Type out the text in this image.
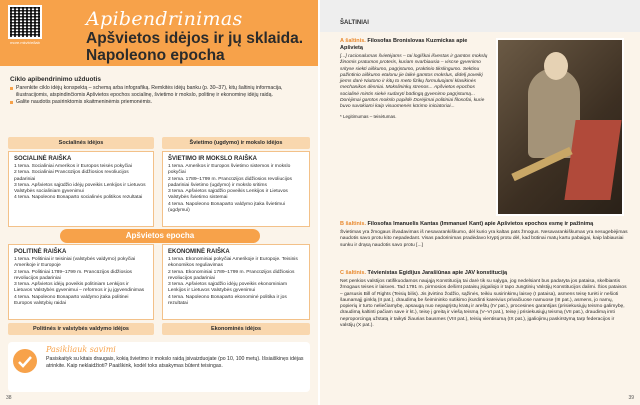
more.mkvb/e8ab
Apibendrinimas
Apšvietos idėjos ir jų sklaida. Napoleono epocha
Ciklo apibendrinimo užduotis
Parenkite ciklo idėjų konspektą – schemą arba infografiką. Remkitės idėjų banku (p. 30–37), kitų šaltinių informacija, iliustracijomis, atspindinčiomis Apšvietos epochos socialinę, švietimo ir mokslo, politinę ir ekonominę idėjų raidą.
Galite naudotis pasirinktomis skaitmeninėmis priemonėmis.
Socialinės idėjos	Švietimo (ugdymo) ir mokslo idėjos
SOCIALINĖ RAIŠKA

1 tema. Socialiniai Amerikos ir Europos teisės pokyčiai

2 tema. Socialiniai Prancūzijos didžiosios revoliucijos padariniai

3 tema. Apšvietos sąjūdžio idėjų poveikis Lenkijos ir Lietuvos Valstybės socialiniam gyvenimui

4 tema. Napoleono Bonaparto socialinės politikos rezultatai

ŠVIETIMO IR MOKSLO RAIŠKA

1 tema. Amerikos ir Europos švietimo sistemos ir mokslo pokyčiai

2 tema. 1789–1799 m. Prancūzijos didžiosios revoliucijos padariniai švietimo (ugdymo) ir mokslo sritims

3 tema. Apšvietos sąjūdžio poveikis Lenkijos ir Lietuvos Valstybės švietimo sistemai

4 tema. Napoleono Bonaparto valdymo įtaka švietimui (ugdymui)

Apšvietos epocha
POLITINĖ RAIŠKA

1 tema. Politiniai ir teisiniai (valstybės valdymo) pokyčiai Amerikoje ir Europoje

2 tema. Politiniai 1789–1799 m. Prancūzijos didžiosios revoliucijos padariniai

3 tema. Apšvietos idėjų poveikis politiniam Lenkijos ir Lietuvos Valstybės gyvenimui – reformos ir jų įgyvendinimas

4 tema. Napoleono Bonaparto valdymo įtaka politinei Europos valstybių raidai

EKONOMINĖ RAIŠKA

1 tema. Ekonominiai pokyčiai Amerikoje ir Europoje. Teisinis ekonomikos reguliavimas

2 tema. Ekonominiai 1789–1799 m. Prancūzijos didžiosios revoliucijos padariniai

3 tema. Apšvietos sąjūdžio idėjų poveikis ekonominiam Lenkijos ir Lietuvos Valstybės gyvenimui

4 tema. Napoleono Bonaparto ekonominė politika ir jos rezultatai

Politinės ir valstybės valdymo idėjos	Ekonominės idėjos
Pasikliauk savimi
Pasiskaityk su kitais draugais, kokią švietimo ir mokslo raidą įsivaizduojate (po 10, 100 metų). Išsiaiškinęs idėjas atrinkite. Kaip neklaidžioti? Paaiškink, kodėl toks atsakymas būtent teisingas.
38
ŠALTINIAI
A šaltinis. Filosofas Bronislovas Kuzmickas apie Apšvietą
[...] racionalumas švietėjams – tai logiškai išvestas ir gamtos mokslų žinomis pratumos proteris, kuriam svarbiausia – viscse gyvenimo srityse siekti aiškumo, pagrįstumo, praktinio tikslingumo. Sektinu pažintinio aiškumo etalonu jie laikė gamtos mokslus, didelį poveikį jiems darė Niutono ir kitų to meto fizikų formuluojami klasikinės mechanikos dėsniai. Mokslininkų strenos... Apšvietos epochos socialinė mintis siekė sudaryti būdingą gyvenimo pagrįstumą... Dorėjimai gamtos mokslo papildė Dorėjimai politiniai filosofai, kurie buvo suvokiami kaip visuomenės kūrimo iniciatoriai...
* Legitimumas – teisėtumas.
B šaltinis. Filosofas Imanuelis Kantas (Immanuel Kant) apie Apšvietos epochos esmę ir pažinimą
Švietimas yra žmogaus išvadavimas iš nesavarankiškumo, dėl kurio yra kaltas pats žmogus. Nesavarankiškumas yra nesugebėjimas naudotis savo protu kito nepadedant. Visas padorinimas pradėdavo kryptį protu dėl, kad būtinai matų kartu pabaigai, kaip labiausiai sunku ir drąsą naudotis savo protu [...]
C šaltinis. Tėvienistas Egidijus Jarašiūnas apie JAV konstituciją
Net penkios valstijos ratifikuodamos naująją Konstituciją tai darė tik su sąlyga, jog nedelsiant bus padaryta jos pataisa, skelbiantis žmogaus teises ir laisves. Tad 1791 m. pirmosios dešimt pataisų įsigaliojo ir tapo Jungtinių Valstijų Konstitucijos dalimi. Šios pataisos – garsusis Bill of Rights (Teisių bilis). Jis įtvirtino žodžio, sąžinės, teikiu susirinkimų laisvę (I pataisa), asmens teisę turėti ir nešioti šaunamąjį ginklą (II pat.), draudimą be šeimininko sutikimo įkurdinti kareivius privačiuose namuose (III pat.), asmens, jo namų, popierių ir turto neliečiamybę, apsaugą nuo nepagrįstų kratų ir areštų (IV pat.), procesines garantijas (prisiekusiųjų teismo galimybę, draudimą kaltinti pačiam save ir kt.), teisę į greitą ir viešą teismą (V–VI pat.), teisę į prisiekusiųjų teismą (VII pat.), draudimą imti neproporcingą užstatą ir taikyti žiaurias bausmes (VIII pat.), teisių vientisumą (IX pat.), įgaliojimų paskirstymą tarp federacijos ir valstijų (X pat.).
39
